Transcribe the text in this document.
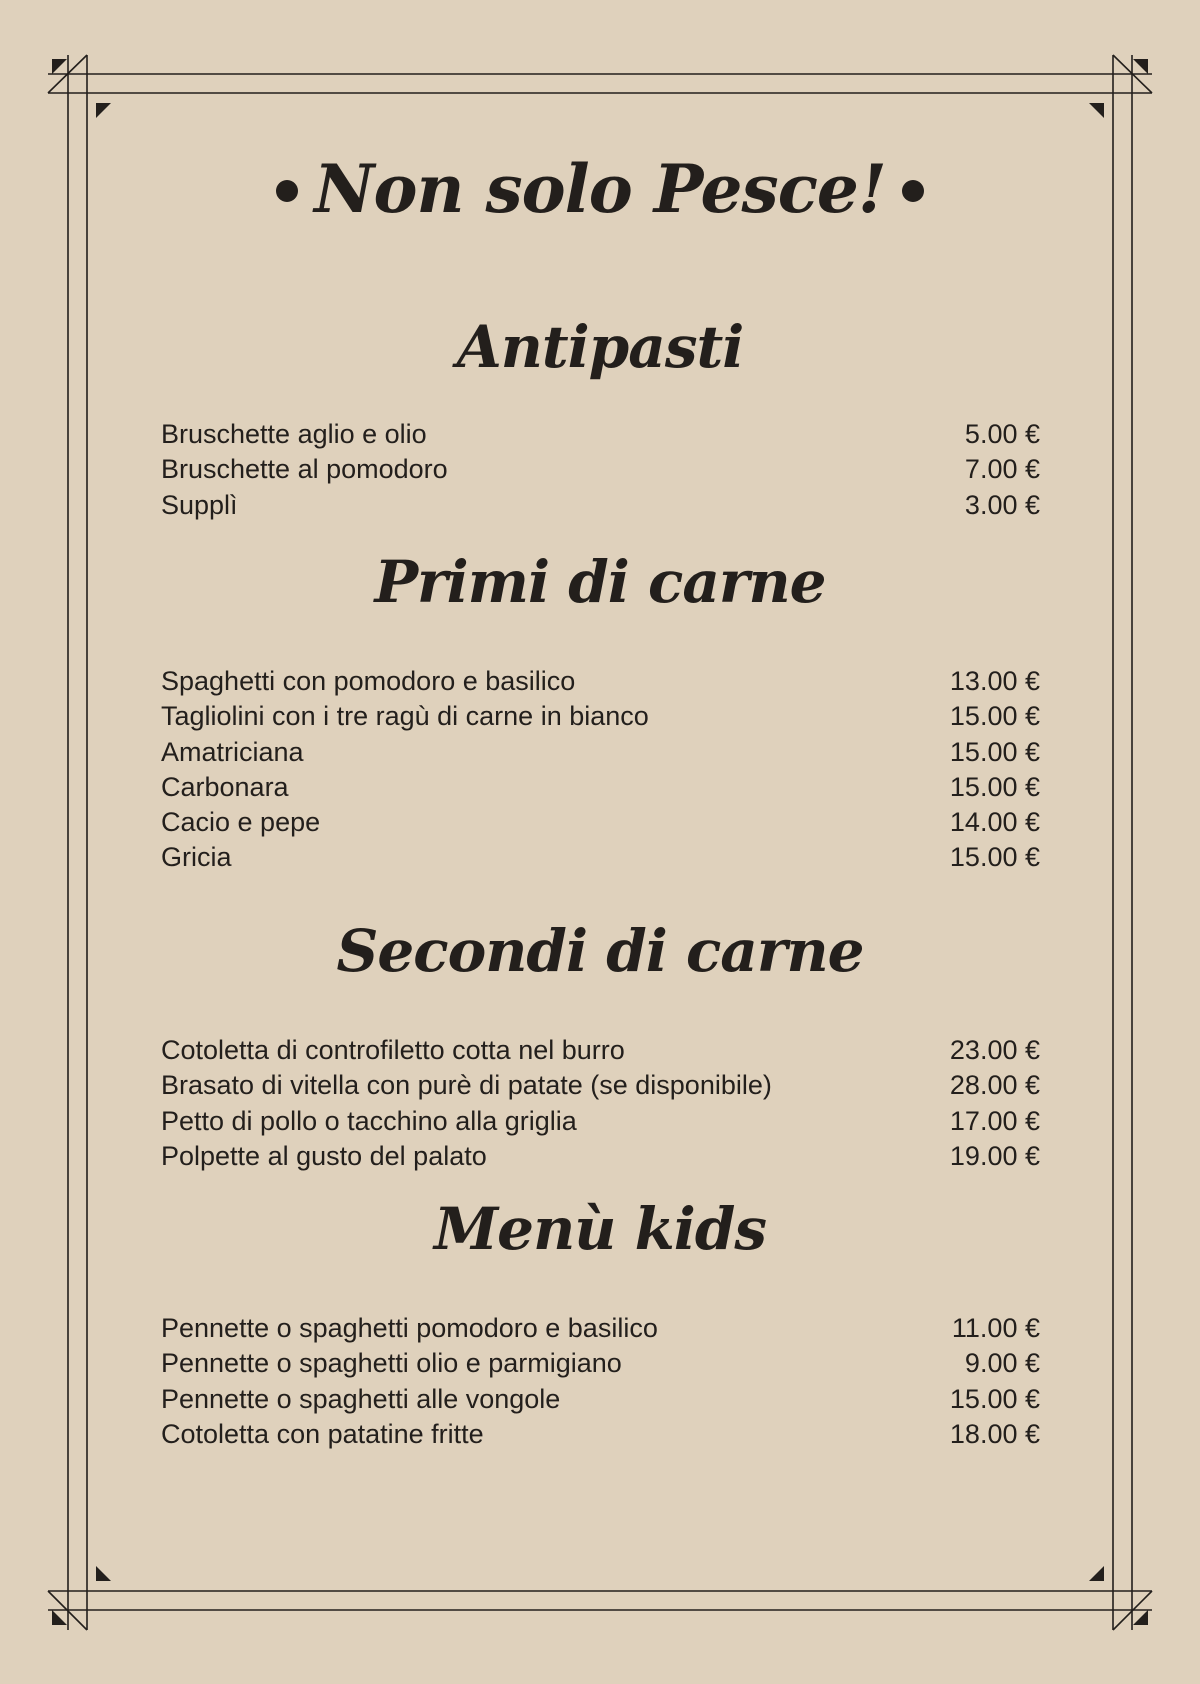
Non solo Pesce!
Antipasti
Bruschette aglio e olio	5.00 €
Bruschette al pomodoro	7.00 €
Supplì	3.00 €
Primi di carne
Spaghetti con pomodoro e basilico	13.00 €
Tagliolini con i tre ragù di carne in bianco	15.00 €
Amatriciana	15.00 €
Carbonara	15.00 €
Cacio e pepe	14.00 €
Gricia	15.00 €
Secondi di carne
Cotoletta di controfiletto cotta nel burro	23.00 €
Brasato di vitella con purè di patate (se disponibile)	28.00 €
Petto di pollo o tacchino alla griglia	17.00 €
Polpette al gusto del palato	19.00 €
Menù kids
Pennette o spaghetti pomodoro e basilico	11.00 €
Pennette o spaghetti olio e parmigiano	9.00 €
Pennette o spaghetti alle vongole	15.00 €
Cotoletta con patatine fritte	18.00 €
